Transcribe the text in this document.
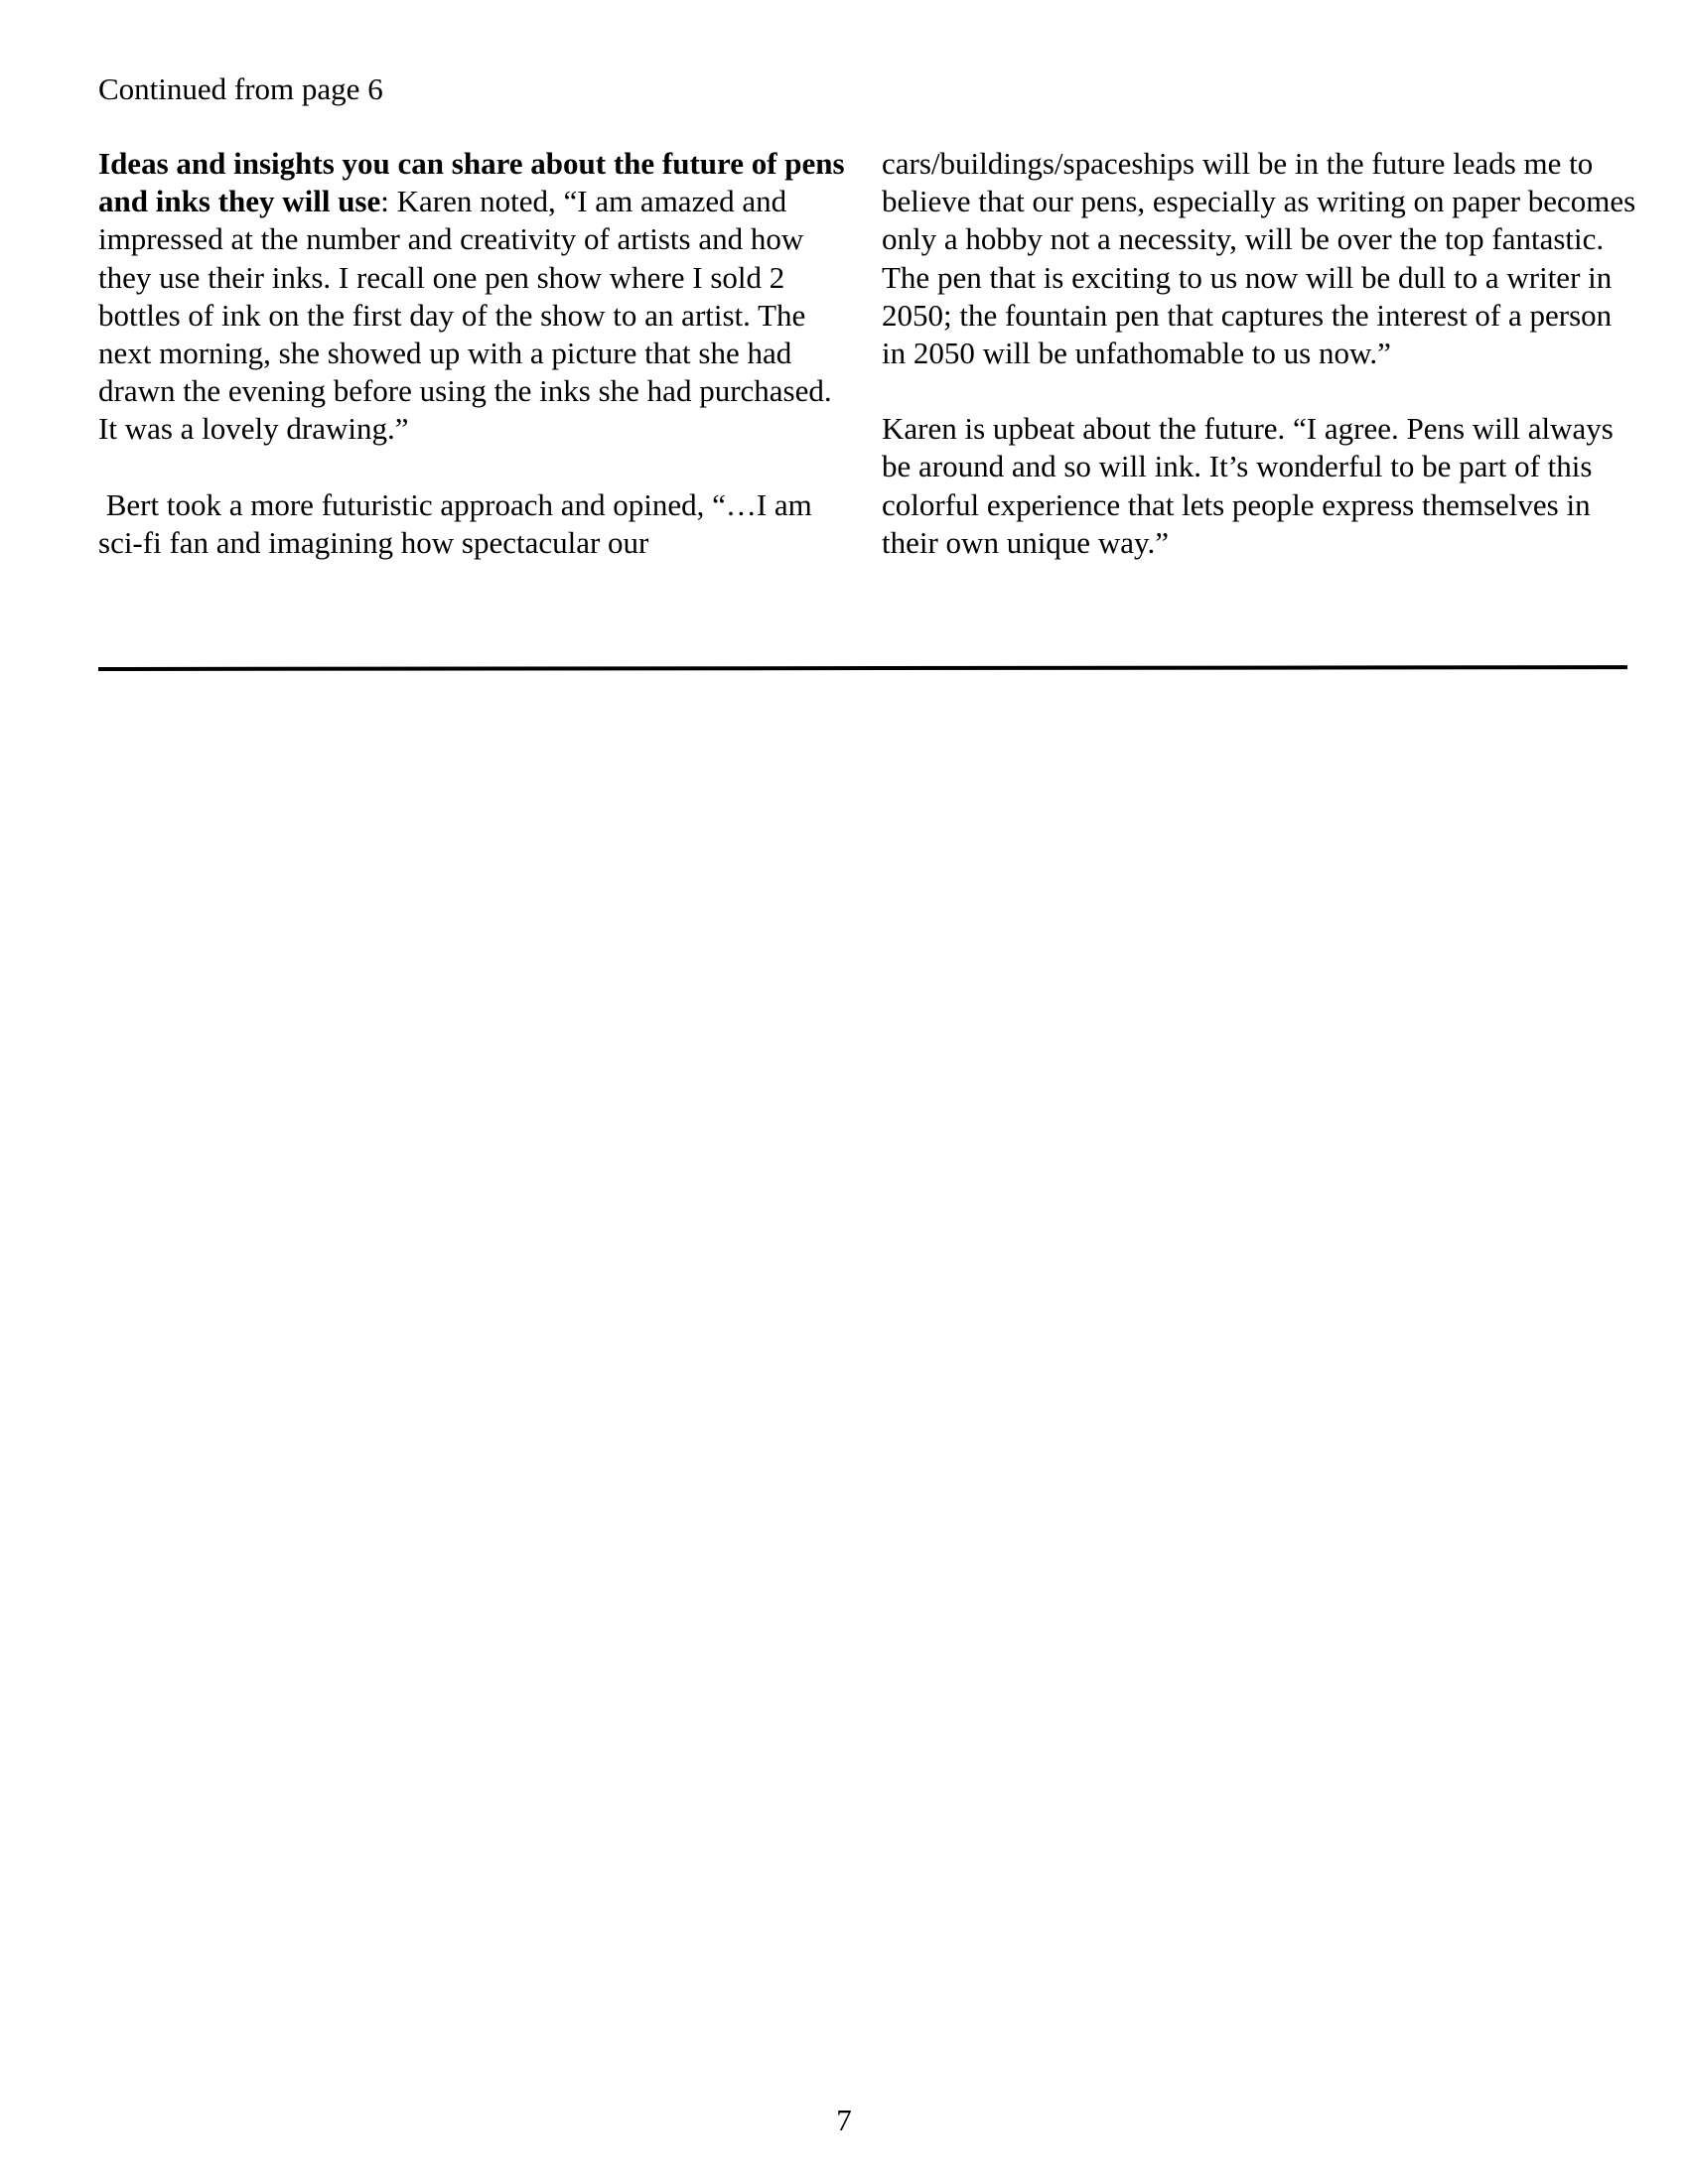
Continued from page 6

Ideas and insights you can share about the future of pens and inks they will use: Karen noted, “I am amazed and impressed at the number and creativity of artists and how they use their inks. I recall one pen show where I sold 2 bottles of ink on the first day of the show to an artist. The next morning, she showed up with a picture that she had drawn the evening before using the inks she had purchased. It was a lovely drawing.”

Bert took a more futuristic approach and opined, “…I am sci-fi fan and imagining how spectacular our

cars/buildings/spaceships will be in the future leads me to believe that our pens, especially as writing on paper becomes only a hobby not a necessity, will be over the top fantastic. The pen that is exciting to us now will be dull to a writer in 2050; the fountain pen that captures the interest of a person in 2050 will be unfathomable to us now.”

Karen is upbeat about the future. “I agree. Pens will always be around and so will ink. It’s wonderful to be part of this colorful experience that lets people express themselves in their own unique way.”

7
